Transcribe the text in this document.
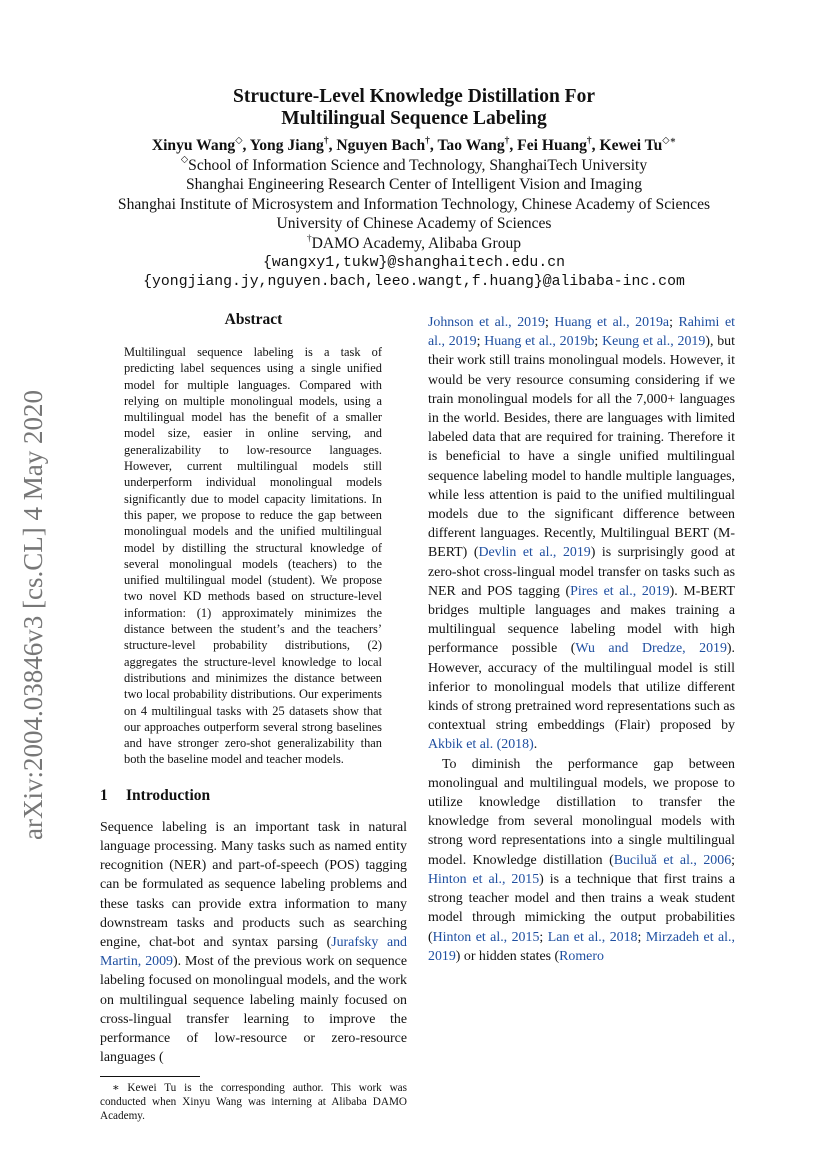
arXiv:2004.03846v3 [cs.CL] 4 May 2020
Structure-Level Knowledge Distillation For
Multilingual Sequence Labeling
Xinyu Wang◇, Yong Jiang†, Nguyen Bach†, Tao Wang†, Fei Huang†, Kewei Tu◇∗
◇School of Information Science and Technology, ShanghaiTech University
Shanghai Engineering Research Center of Intelligent Vision and Imaging
Shanghai Institute of Microsystem and Information Technology, Chinese Academy of Sciences
University of Chinese Academy of Sciences
†DAMO Academy, Alibaba Group
{wangxy1,tukw}@shanghaitech.edu.cn
{yongjiang.jy,nguyen.bach,leeo.wangt,f.huang}@alibaba-inc.com
Abstract
Multilingual sequence labeling is a task of predicting label sequences using a single unified model for multiple languages. Compared with relying on multiple monolingual models, using a multilingual model has the benefit of a smaller model size, easier in online serving, and generalizability to low-resource languages. However, current multilingual models still underperform individual monolingual models significantly due to model capacity limitations. In this paper, we propose to reduce the gap between monolingual models and the unified multilingual model by distilling the structural knowledge of several monolingual models (teachers) to the unified multilingual model (student). We propose two novel KD methods based on structure-level information: (1) approximately minimizes the distance between the student’s and the teachers’ structure-level probability distributions, (2) aggregates the structure-level knowledge to local distributions and minimizes the distance between two local probability distributions. Our experiments on 4 multilingual tasks with 25 datasets show that our approaches outperform several strong baselines and have stronger zero-shot generalizability than both the baseline model and teacher models.
1 Introduction

Sequence labeling is an important task in natural language processing. Many tasks such as named entity recognition (NER) and part-of-speech (POS) tagging can be formulated as sequence labeling problems and these tasks can provide extra information to many downstream tasks and products such as searching engine, chat-bot and syntax parsing (Jurafsky and Martin, 2009). Most of the previous work on sequence labeling focused on monolingual models, and the work on multilingual sequence labeling mainly focused on cross-lingual transfer learning to improve the performance of low-resource or zero-resource languages (

∗ Kewei Tu is the corresponding author. This work was conducted when Xinyu Wang was interning at Alibaba DAMO Academy.

Johnson et al., 2019; Huang et al., 2019a; Rahimi et al., 2019; Huang et al., 2019b; Keung et al., 2019), but their work still trains monolingual models. However, it would be very resource consuming considering if we train monolingual models for all the 7,000+ languages in the world. Besides, there are languages with limited labeled data that are required for training. Therefore it is beneficial to have a single unified multilingual sequence labeling model to handle multiple languages, while less attention is paid to the unified multilingual models due to the significant difference between different languages. Recently, Multilingual BERT (M-BERT) (Devlin et al., 2019) is surprisingly good at zero-shot cross-lingual model transfer on tasks such as NER and POS tagging (Pires et al., 2019). M-BERT bridges multiple languages and makes training a multilingual sequence labeling model with high performance possible (Wu and Dredze, 2019). However, accuracy of the multilingual model is still inferior to monolingual models that utilize different kinds of strong pretrained word representations such as contextual string embeddings (Flair) proposed by Akbik et al. (2018).

To diminish the performance gap between monolingual and multilingual models, we propose to utilize knowledge distillation to transfer the knowledge from several monolingual models with strong word representations into a single multilingual model. Knowledge distillation (Buciluă et al., 2006; Hinton et al., 2015) is a technique that first trains a strong teacher model and then trains a weak student model through mimicking the output probabilities (Hinton et al., 2015; Lan et al., 2018; Mirzadeh et al., 2019) or hidden states (Romero
